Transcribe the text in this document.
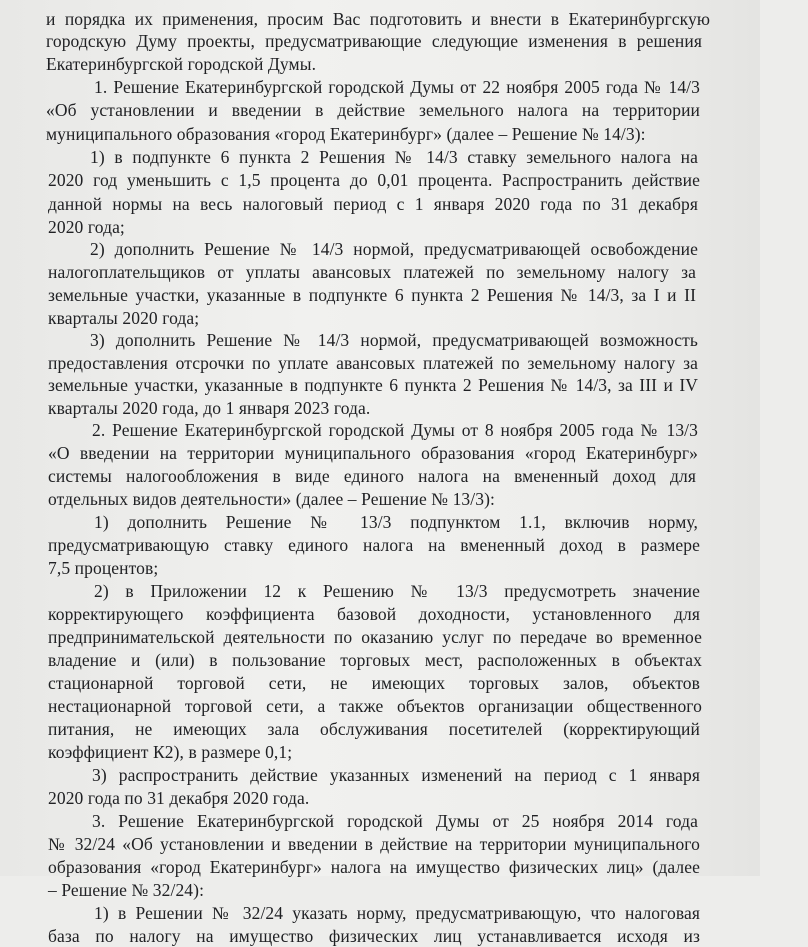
и порядка их применения, просим Вас подготовить и внести в Екатеринбургскую
городскую Думу проекты, предусматривающие следующие изменения в решения
Екатеринбургской городской Думы.
1. Решение Екатеринбургской городской Думы от 22 ноября 2005 года № 14/3
«Об установлении и введении в действие земельного налога на территории
муниципального образования «город Екатеринбург» (далее – Решение № 14/3):
1) в подпункте 6 пункта 2 Решения № 14/3 ставку земельного налога на
2020 год уменьшить с 1,5 процента до 0,01 процента. Распространить действие
данной нормы на весь налоговый период с 1 января 2020 года по 31 декабря
2020 года;
2) дополнить Решение № 14/3 нормой, предусматривающей освобождение
налогоплательщиков от уплаты авансовых платежей по земельному налогу за
земельные участки, указанные в подпункте 6 пункта 2 Решения № 14/3, за I и II
кварталы 2020 года;
3) дополнить Решение № 14/3 нормой, предусматривающей возможность
предоставления отсрочки по уплате авансовых платежей по земельному налогу за
земельные участки, указанные в подпункте 6 пункта 2 Решения № 14/3, за III и IV
кварталы 2020 года, до 1 января 2023 года.
2. Решение Екатеринбургской городской Думы от 8 ноября 2005 года № 13/3
«О введении на территории муниципального образования «город Екатеринбург»
системы налогообложения в виде единого налога на вмененный доход для
отдельных видов деятельности» (далее – Решение № 13/3):
1) дополнить Решение № 13/3 подпунктом 1.1, включив норму,
предусматривающую ставку единого налога на вмененный доход в размере
7,5 процентов;
2) в Приложении 12 к Решению № 13/3 предусмотреть значение
корректирующего коэффициента базовой доходности, установленного для
предпринимательской деятельности по оказанию услуг по передаче во временное
владение и (или) в пользование торговых мест, расположенных в объектах
стационарной торговой сети, не имеющих торговых залов, объектов
нестационарной торговой сети, а также объектов организации общественного
питания, не имеющих зала обслуживания посетителей (корректирующий
коэффициент К2), в размере 0,1;
3) распространить действие указанных изменений на период с 1 января
2020 года по 31 декабря 2020 года.
3. Решение Екатеринбургской городской Думы от 25 ноября 2014 года
№ 32/24 «Об установлении и введении в действие на территории муниципального
образования «город Екатеринбург» налога на имущество физических лиц» (далее
– Решение № 32/24):
1) в Решении № 32/24 указать норму, предусматривающую, что налоговая
база по налогу на имущество физических лиц устанавливается исходя из
